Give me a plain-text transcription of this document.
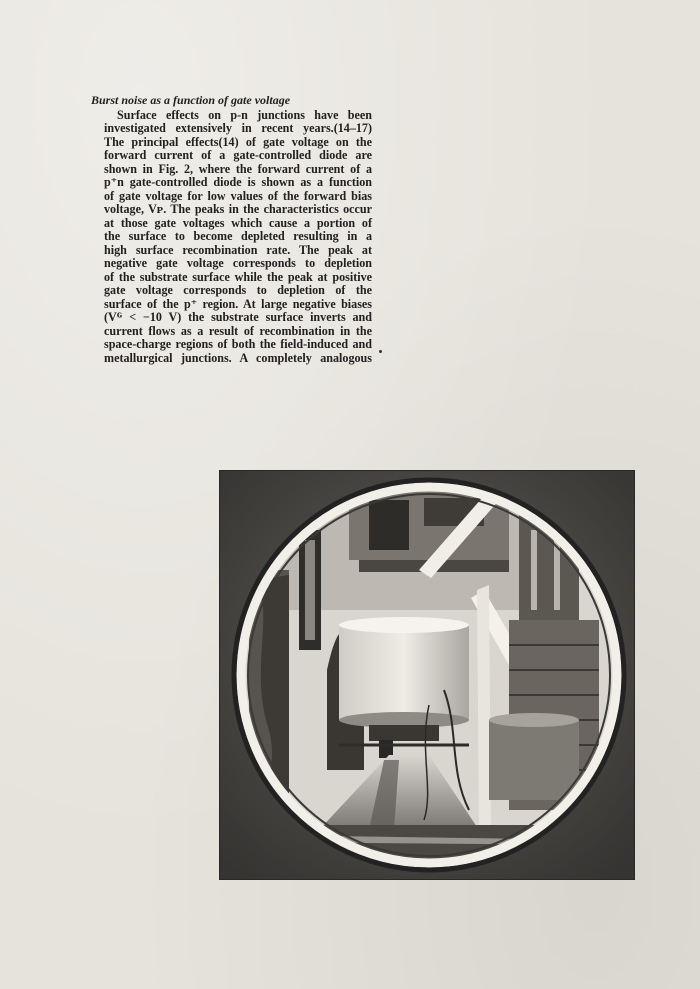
Burst noise as a function of gate voltage
Surface effects on p-n junctions have been
investigated extensively in recent years.(14–17)
The principal effects(14) of gate voltage on the
forward current of a gate-controlled diode are
shown in Fig. 2, where the forward current of a
p⁺n gate-controlled diode is shown as a function
of gate voltage for low values of the forward bias
voltage, Vᴘ. The peaks in the characteristics occur
at those gate voltages which cause a portion of
the surface to become depleted resulting in a
high surface recombination rate. The peak at
negative gate voltage corresponds to depletion
of the substrate surface while the peak at positive
gate voltage corresponds to depletion of the
surface of the p⁺ region. At large negative biases
(Vᴳ < −10 V) the substrate surface inverts and
current flows as a result of recombination in the
space-charge regions of both the field-induced and
metallurgical junctions. A completely analogous
